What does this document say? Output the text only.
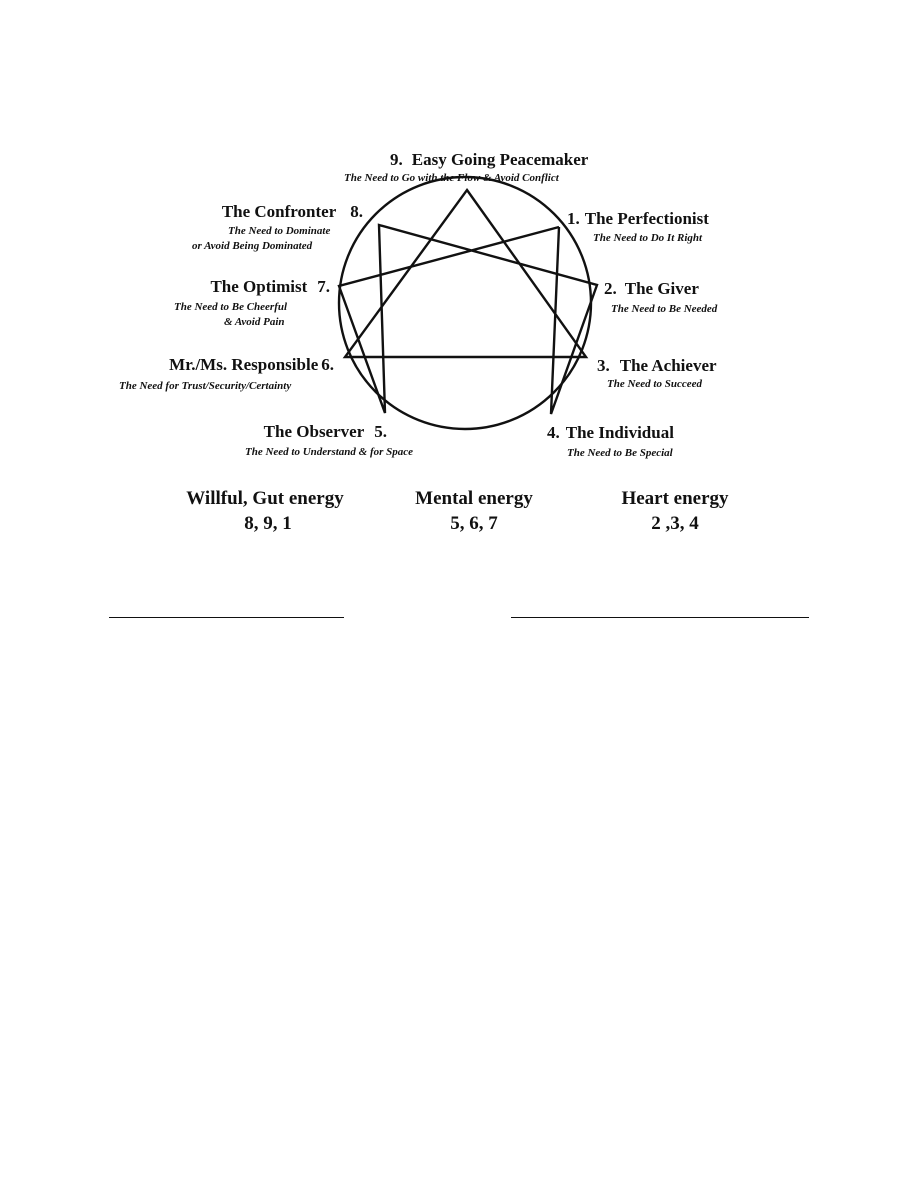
9. Easy Going Peacemaker
The Need to Go with the Flow & Avoid Conflict
1. The Perfectionist
The Need to Do It Right
2. The Giver
The Need to Be Needed
3. The Achiever
The Need to Succeed
4. The Individual
The Need to Be Special
The Observer 5.
The Need to Understand & for Space
Mr./Ms. Responsible 6.
The Need for Trust/Security/Certainty
The Optimist 7.
The Need to Be Cheerful
& Avoid Pain
The Confronter 8.
The Need to Dominate
or Avoid Being Dominated
Willful, Gut energy
8, 9, 1
Mental energy
5, 6, 7
Heart energy
2 ,3, 4
